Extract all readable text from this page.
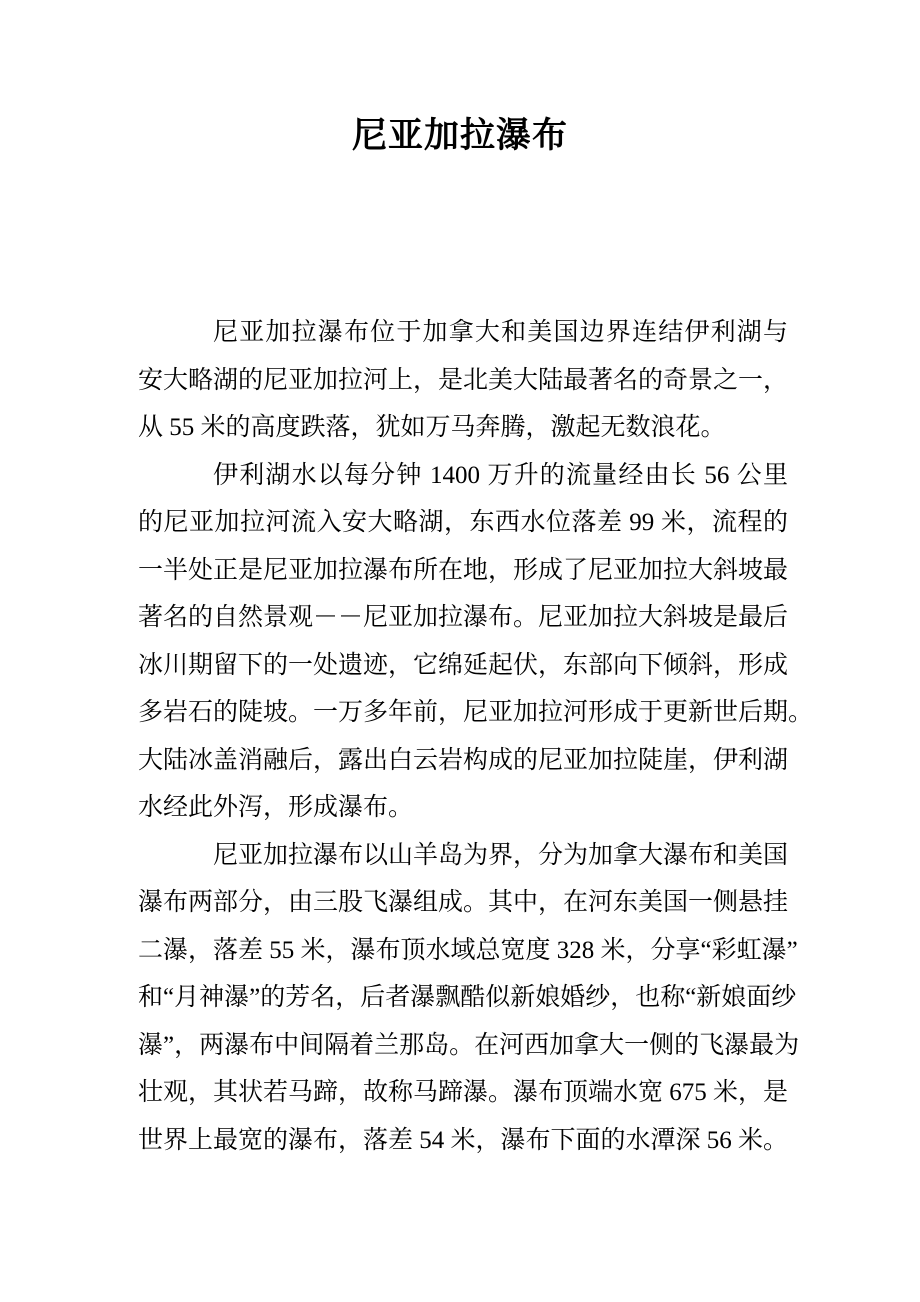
尼亚加拉瀑布
尼亚加拉瀑布位于加拿大和美国边界连结伊利湖与
安大略湖的尼亚加拉河上，是北美大陆最著名的奇景之一，
从 55 米的高度跌落，犹如万马奔腾，激起无数浪花。
伊利湖水以每分钟 1400 万升的流量经由长 56 公里
的尼亚加拉河流入安大略湖，东西水位落差 99 米，流程的
一半处正是尼亚加拉瀑布所在地，形成了尼亚加拉大斜坡最
著名的自然景观－－尼亚加拉瀑布。尼亚加拉大斜坡是最后
冰川期留下的一处遗迹，它绵延起伏，东部向下倾斜，形成
多岩石的陡坡。一万多年前，尼亚加拉河形成于更新世后期。
大陆冰盖消融后，露出白云岩构成的尼亚加拉陡崖，伊利湖
水经此外泻，形成瀑布。
尼亚加拉瀑布以山羊岛为界，分为加拿大瀑布和美国
瀑布两部分，由三股飞瀑组成。其中，在河东美国一侧悬挂
二瀑，落差 55 米，瀑布顶水域总宽度 328 米，分享“彩虹瀑”
和“月神瀑”的芳名，后者瀑飘酷似新娘婚纱，也称“新娘面纱
瀑”，两瀑布中间隔着兰那岛。在河西加拿大一侧的飞瀑最为
壮观，其状若马蹄，故称马蹄瀑。瀑布顶端水宽 675 米，是
世界上最宽的瀑布，落差 54 米，瀑布下面的水潭深 56 米。
